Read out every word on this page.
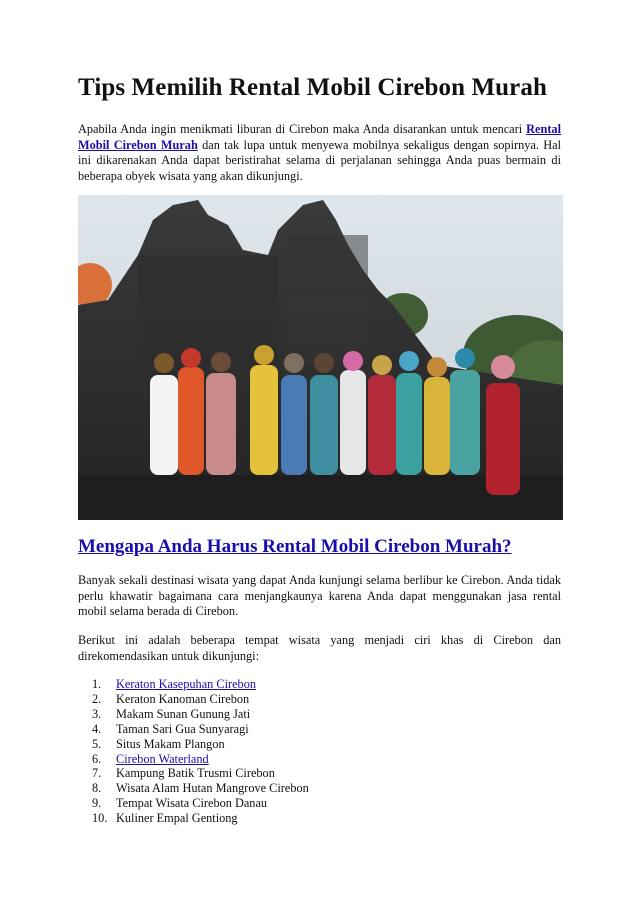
Tips Memilih Rental Mobil Cirebon Murah

Apabila Anda ingin menikmati liburan di Cirebon maka Anda disarankan untuk mencari Rental Mobil Cirebon Murah dan tak lupa untuk menyewa mobilnya sekaligus dengan sopirnya. Hal ini dikarenakan Anda dapat beristirahat selama di perjalanan sehingga Anda puas bermain di beberapa obyek wisata yang akan dikunjungi.

Mengapa Anda Harus Rental Mobil Cirebon Murah?

Banyak sekali destinasi wisata yang dapat Anda kunjungi selama berlibur ke Cirebon. Anda tidak perlu khawatir bagaimana cara menjangkaunya karena Anda dapat menggunakan jasa rental mobil selama berada di Cirebon.

Berikut ini adalah beberapa tempat wisata yang menjadi ciri khas di Cirebon dan direkomendasikan untuk dikunjungi:

1.	Keraton Kasepuhan Cirebon
2.	Keraton Kanoman Cirebon
3.	Makam Sunan Gunung Jati
4.	Taman Sari Gua Sunyaragi
5.	Situs Makam Plangon
6.	Cirebon Waterland
7.	Kampung Batik Trusmi Cirebon
8.	Wisata Alam Hutan Mangrove Cirebon
9.	Tempat Wisata Cirebon Danau
10. Kuliner Empal Gentiong
